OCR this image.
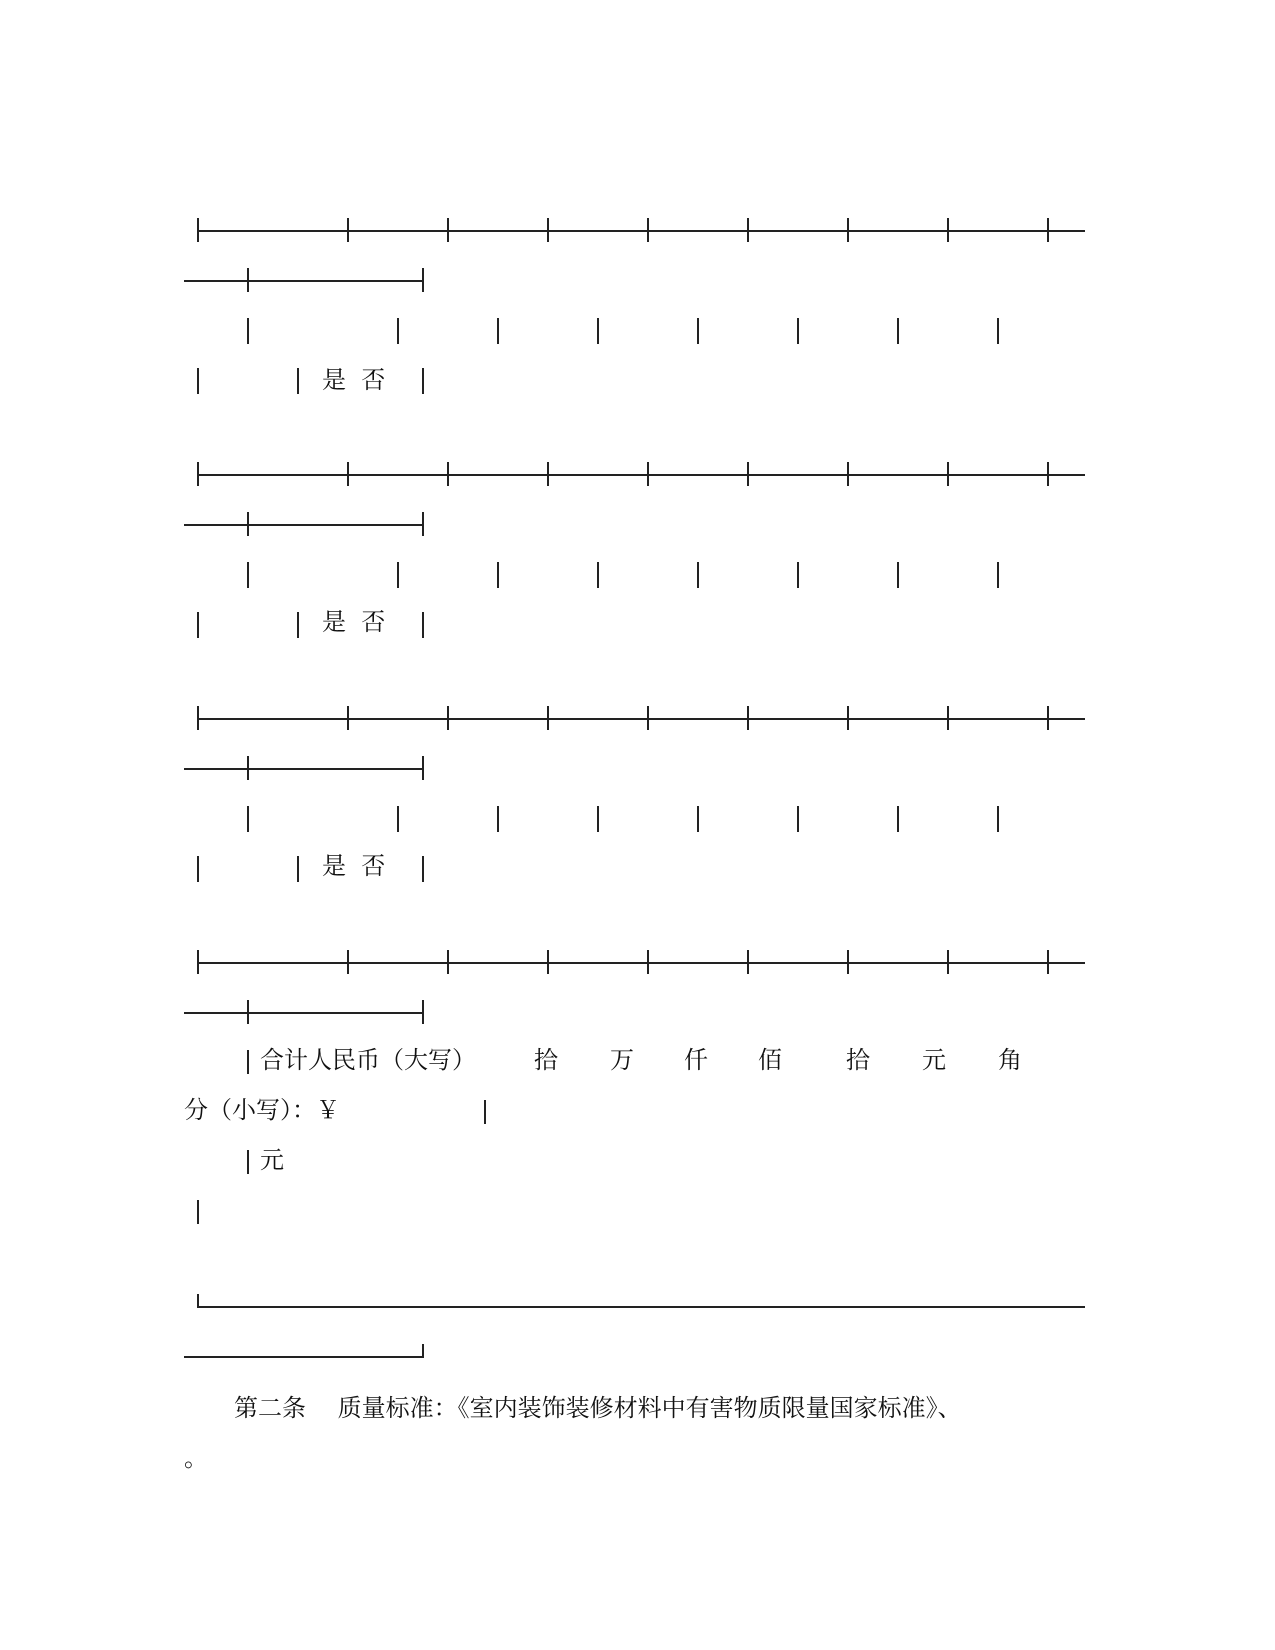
是  否
是  否
是  否
合计人民币（大写） 拾 万 仟 佰	拾 元 角
分（小写）：￥
元
第二条　 质量标准：《室内装饰装修材料中有害物质限量国家标准》、
。
